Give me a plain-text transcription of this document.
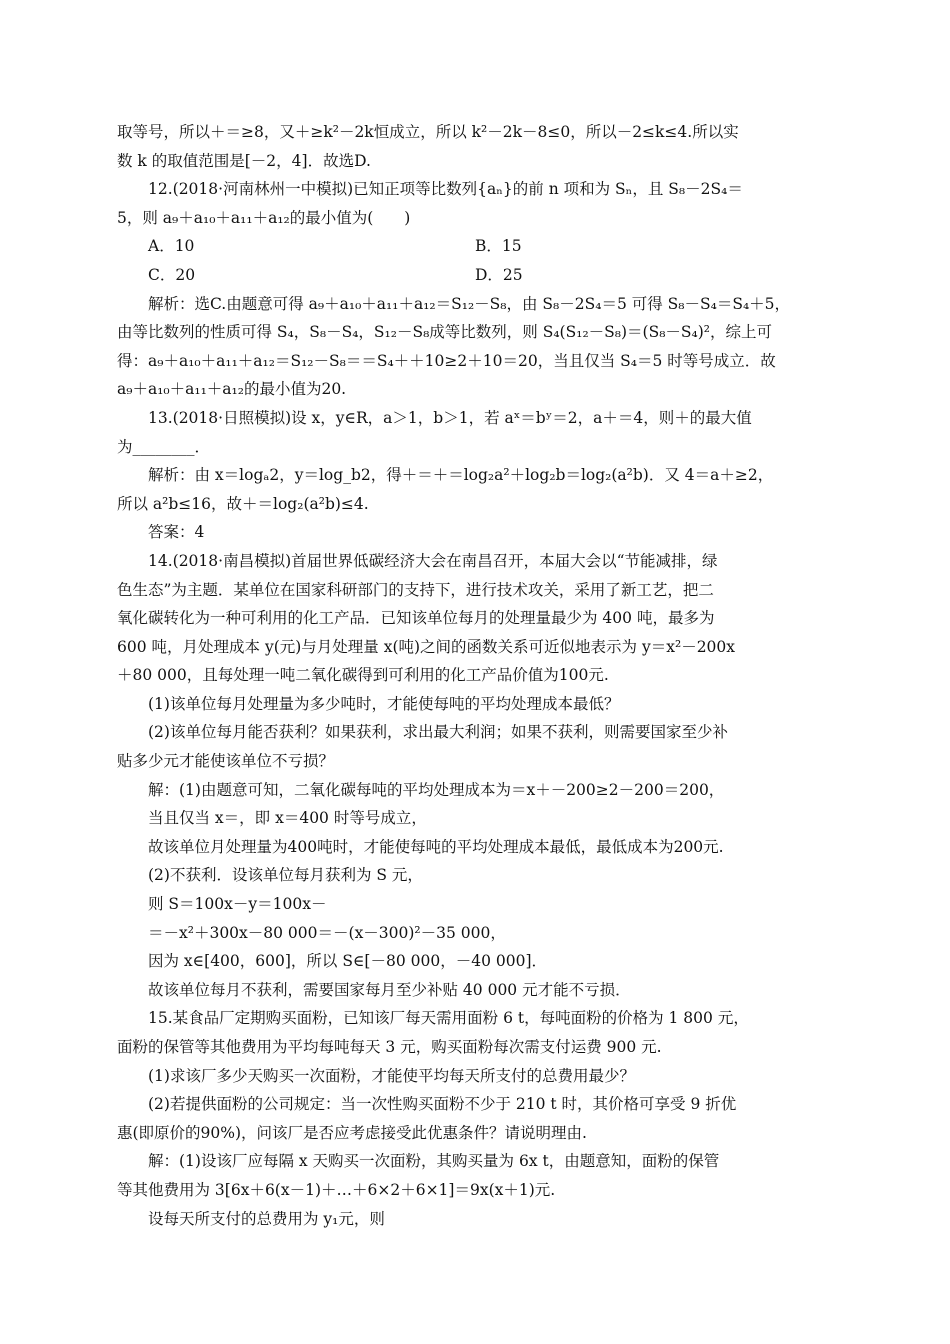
取等号，所以＋＝≥8，又＋≥k²－2k恒成立，所以 k²－2k－8≤0，所以－2≤k≤4.所以实
数 k 的取值范围是[－2，4]．故选D.
12.(2018·河南林州一中模拟)已知正项等比数列{aₙ}的前 n 项和为 Sₙ，且 S₈－2S₄＝
5，则 a₉＋a₁₀＋a₁₁＋a₁₂的最小值为(　　)
A．10	B．15
C．20	D．25
解析：选C.由题意可得 a₉＋a₁₀＋a₁₁＋a₁₂＝S₁₂－S₈，由 S₈－2S₄＝5 可得 S₈－S₄＝S₄＋5，
由等比数列的性质可得 S₄，S₈－S₄，S₁₂－S₈成等比数列，则 S₄(S₁₂－S₈)＝(S₈－S₄)²，综上可
得：a₉＋a₁₀＋a₁₁＋a₁₂＝S₁₂－S₈＝＝S₄＋＋10≥2＋10＝20，当且仅当 S₄＝5 时等号成立．故
a₉＋a₁₀＋a₁₁＋a₁₂的最小值为20.
13.(2018·日照模拟)设 x，y∈R，a＞1，b＞1，若 aˣ＝bʸ＝2，a＋＝4，则＋的最大值
为________．
解析：由 x＝logₐ2，y＝log_b2，得＋＝＋＝log₂a²＋log₂b＝log₂(a²b)．又 4＝a＋≥2，
所以 a²b≤16，故＋＝log₂(a²b)≤4.
答案：4
14.(2018·南昌模拟)首届世界低碳经济大会在南昌召开，本届大会以“节能减排，绿
色生态”为主题．某单位在国家科研部门的支持下，进行技术攻关，采用了新工艺，把二
氧化碳转化为一种可利用的化工产品．已知该单位每月的处理量最少为 400 吨，最多为
600 吨，月处理成本 y(元)与月处理量 x(吨)之间的函数关系可近似地表示为 y＝x²－200x
＋80 000，且每处理一吨二氧化碳得到可利用的化工产品价值为100元.
(1)该单位每月处理量为多少吨时，才能使每吨的平均处理成本最低？
(2)该单位每月能否获利？如果获利，求出最大利润；如果不获利，则需要国家至少补
贴多少元才能使该单位不亏损？
解：(1)由题意可知，二氧化碳每吨的平均处理成本为＝x＋－200≥2－200＝200，
当且仅当 x＝，即 x＝400 时等号成立，
故该单位月处理量为400吨时，才能使每吨的平均处理成本最低，最低成本为200元.
(2)不获利．设该单位每月获利为 S 元，
则 S＝100x－y＝100x－
＝－x²＋300x－80 000＝－(x－300)²－35 000，
因为 x∈[400，600]，所以 S∈[－80 000，－40 000]．
故该单位每月不获利，需要国家每月至少补贴 40 000 元才能不亏损．
15.某食品厂定期购买面粉，已知该厂每天需用面粉 6 t，每吨面粉的价格为 1 800 元，
面粉的保管等其他费用为平均每吨每天 3 元，购买面粉每次需支付运费 900 元.
(1)求该厂多少天购买一次面粉，才能使平均每天所支付的总费用最少？
(2)若提供面粉的公司规定：当一次性购买面粉不少于 210 t 时，其价格可享受 9 折优
惠(即原价的90%)，问该厂是否应考虑接受此优惠条件？请说明理由.
解：(1)设该厂应每隔 x 天购买一次面粉，其购买量为 6x t，由题意知，面粉的保管
等其他费用为 3[6x＋6(x－1)＋…＋6×2＋6×1]＝9x(x＋1)元.
设每天所支付的总费用为 y₁元，则
